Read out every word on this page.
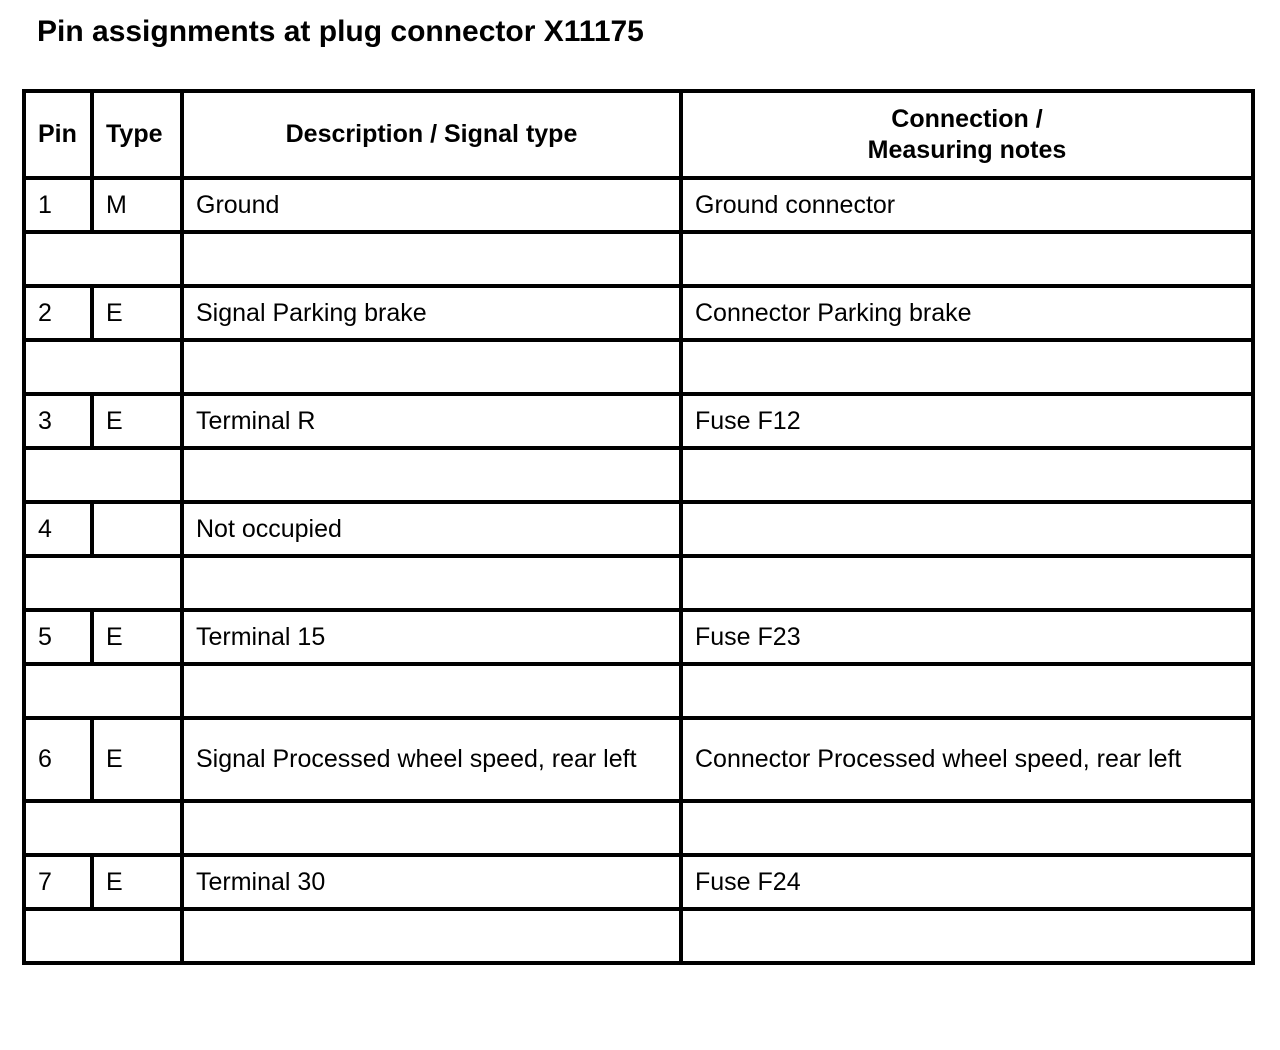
Pin assignments at plug connector X11175
Pin	Type	Description / Signal type	Connection /
Measuring notes

1	M	Ground	Ground connector

2	E	Signal Parking brake	Connector Parking brake

3	E	Terminal R	Fuse F12

4		Not occupied	

5	E	Terminal 15	Fuse F23

6	E	Signal Processed wheel speed, rear left	Connector Processed wheel speed, rear left

7	E	Terminal 30	Fuse F24
